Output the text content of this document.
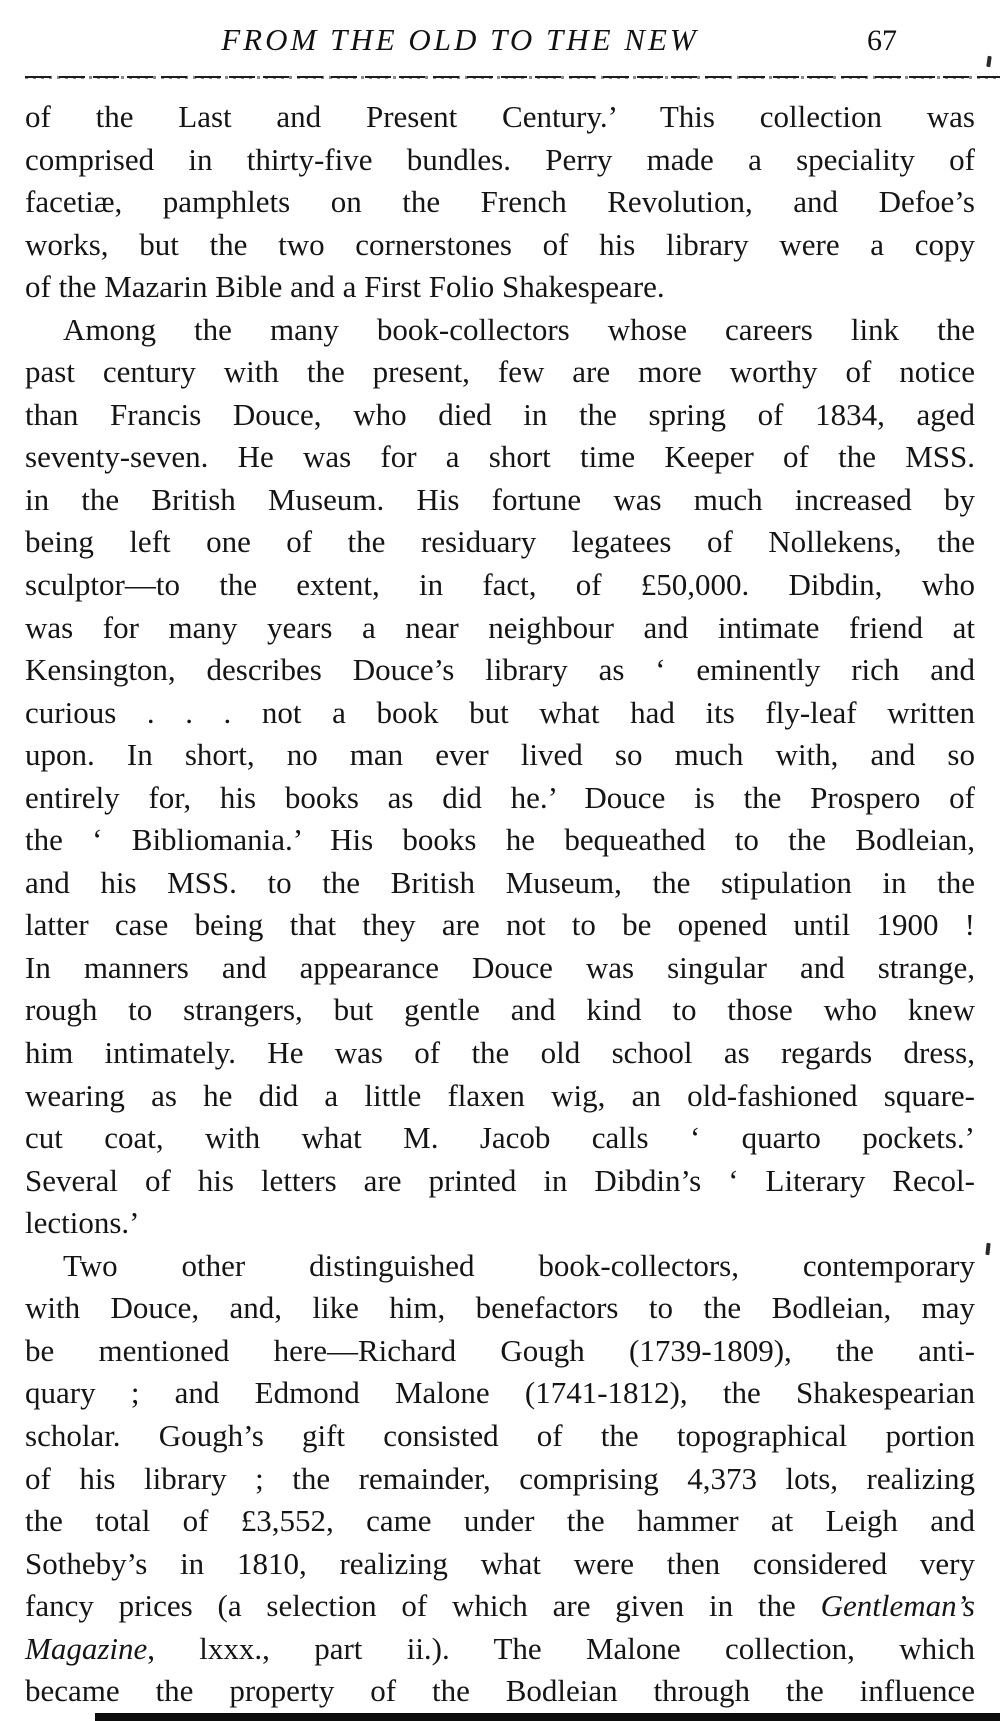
FROM THE OLD TO THE NEW	67
of the Last and Present Century.’ This collection was
comprised in thirty-five bundles. Perry made a speciality of
facetiæ, pamphlets on the French Revolution, and Defoe’s
works, but the two cornerstones of his library were a copy
of the Mazarin Bible and a First Folio Shakespeare.
Among the many book-collectors whose careers link the
past century with the present, few are more worthy of notice
than Francis Douce, who died in the spring of 1834, aged
seventy-seven. He was for a short time Keeper of the MSS.
in the British Museum. His fortune was much increased by
being left one of the residuary legatees of Nollekens, the
sculptor—to the extent, in fact, of £50,000. Dibdin, who
was for many years a near neighbour and intimate friend at
Kensington, describes Douce’s library as ‘ eminently rich and
curious . . . not a book but what had its fly-leaf written
upon. In short, no man ever lived so much with, and so
entirely for, his books as did he.’ Douce is the Prospero of
the ‘ Bibliomania.’ His books he bequeathed to the Bodleian,
and his MSS. to the British Museum, the stipulation in the
latter case being that they are not to be opened until 1900 !
In manners and appearance Douce was singular and strange,
rough to strangers, but gentle and kind to those who knew
him intimately. He was of the old school as regards dress,
wearing as he did a little flaxen wig, an old-fashioned square-
cut coat, with what M. Jacob calls ‘ quarto pockets.’
Several of his letters are printed in Dibdin’s ‘ Literary Recol-
lections.’
Two other distinguished book-collectors, contemporary
with Douce, and, like him, benefactors to the Bodleian, may
be mentioned here—Richard Gough (1739-1809), the anti-
quary ; and Edmond Malone (1741-1812), the Shakespearian
scholar. Gough’s gift consisted of the topographical portion
of his library ; the remainder, comprising 4,373 lots, realizing
the total of £3,552, came under the hammer at Leigh and
Sotheby’s in 1810, realizing what were then considered very
fancy prices (a selection of which are given in the Gentleman’s
Magazine, lxxx., part ii.). The Malone collection, which
became the property of the Bodleian through the influence
